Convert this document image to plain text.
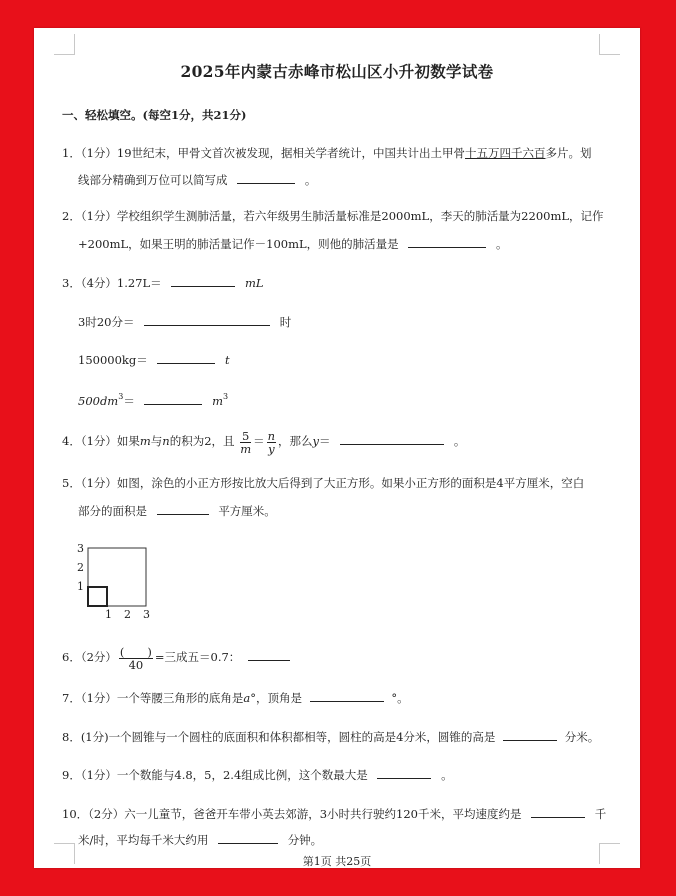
2025年内蒙古赤峰市松山区小升初数学试卷
一、轻松填空。(每空1分，共21分)
1．（1分）19世纪末，甲骨文首次被发现，据相关学者统计，中国共计出土甲骨十五万四千六百多片。划
线部分精确到万位可以简写成	。
2．（1分）学校组织学生测肺活量，若六年级男生肺活量标准是2000mL，李天的肺活量为2200mL，记作
+200mL，如果王明的肺活量记作－100mL，则他的肺活量是	。
3．（4分）1.27L＝	mL
3时20分＝	时
150000kg＝	t
$500dm^3=$	$m^3$
4．（1分）如果m与n的积为2，且 $\frac{5}{m} = \frac{n}{y}$ ，那么y＝	。
5．（1分）如图，涂色的小正方形按比放大后得到了大正方形。如果小正方形的面积是4平方厘米，空白
部分的面积是	平方厘米。
3
2
1
1 2 3
6．（2分） $\frac{( )}{40}$ =三成五＝0.7：
7．（1分）一个等腰三角形的底角是a°，顶角是	°。
8．(1分)一个圆锥与一个圆柱的底面积和体积都相等，圆柱的高是4分米，圆锥的高是	分米。
9．（1分）一个数能与4.8，5，2.4组成比例，这个数最大是	。
10．（2分）六一儿童节，爸爸开车带小英去郊游，3小时共行驶约120千米，平均速度约是	千
米/时，平均每千米大约用	分钟。
第1页 共25页
